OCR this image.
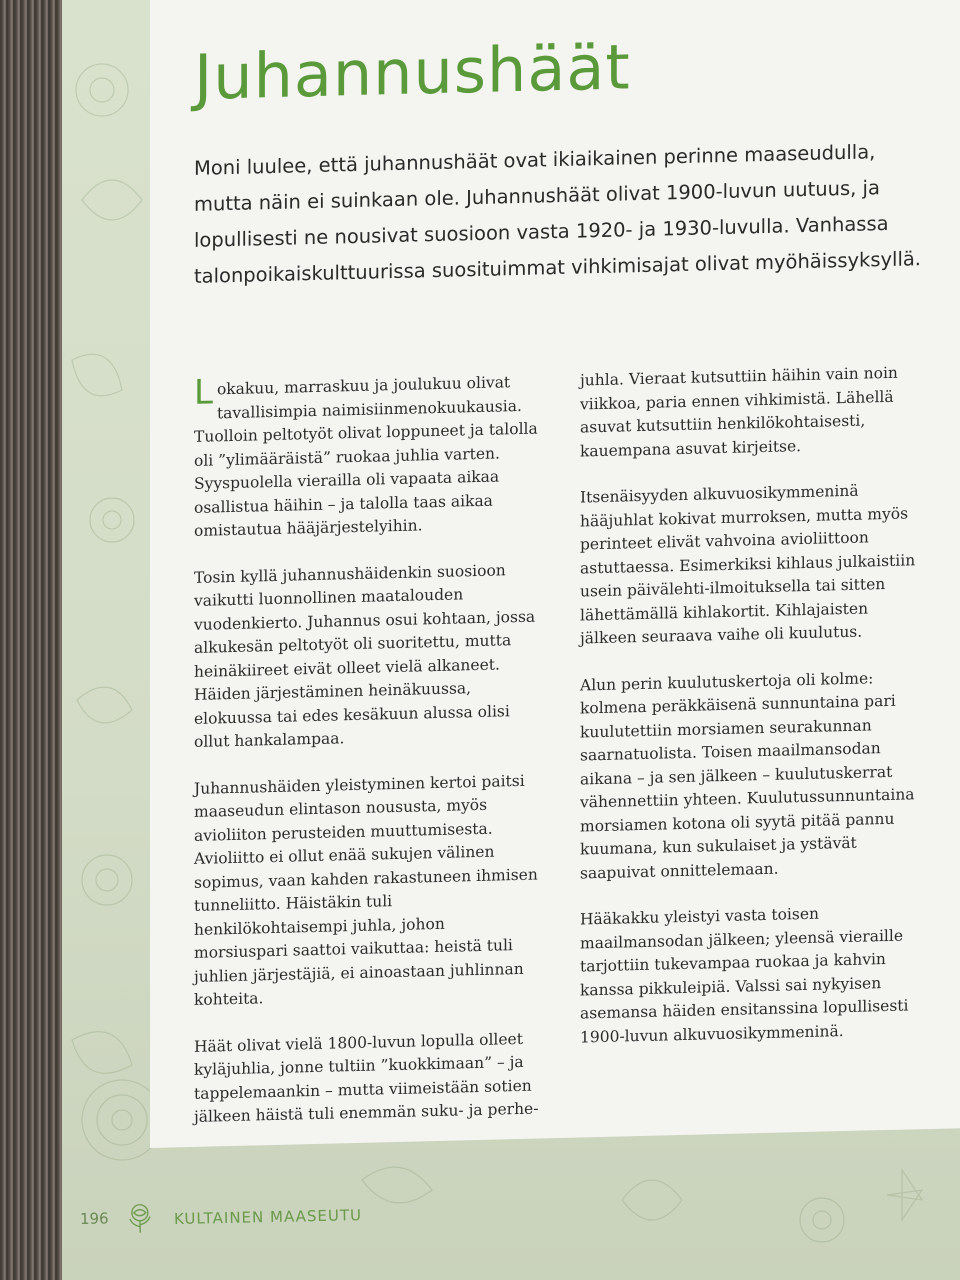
Juhannushäät

Moni luulee, että juhannushäät ovat ikiaikainen perinne maaseudulla, mutta näin ei suinkaan ole. Juhannushäät olivat 1900-luvun uutuus, ja lopullisesti ne nousivat suosioon vasta 1920- ja 1930-luvulla. Vanhassa talonpoikaiskulttuurissa suosituimmat vihkimisajat olivat myöhäissyksyllä.

Lokakuu, marraskuu ja joulukuu olivat tavallisimpia naimisiinmenokuukausia. Tuolloin peltotyöt olivat loppuneet ja talolla oli ”ylimääräistä” ruokaa juhlia varten. Syyspuolella vierailla oli vapaata aikaa osallistua häihin – ja talolla taas aikaa omistautua hääjärjestelyihin.

Tosin kyllä juhannushäidenkin suosioon vaikutti luonnollinen maatalouden vuodenkierto. Juhannus osui kohtaan, jossa alkukesän peltotyöt oli suoritettu, mutta heinäkiireet eivät olleet vielä alkaneet. Häiden järjestäminen heinäkuussa, elokuussa tai edes kesäkuun alussa olisi ollut hankalampaa.

Juhannushäiden yleistyminen kertoi paitsi maaseudun elintason noususta, myös avioliiton perusteiden muuttumisesta. Avioliitto ei ollut enää sukujen välinen sopimus, vaan kahden rakastuneen ihmisen tunneliitto. Häistäkin tuli henkilökohtaisempi juhla, johon morsiuspari saattoi vaikuttaa: heistä tuli juhlien järjestäjiä, ei ainoastaan juhlinnan kohteita.

Häät olivat vielä 1800-luvun lopulla olleet kyläjuhlia, jonne tultiin ”kuokkimaan” – ja tappelemaankin – mutta viimeistään sotien jälkeen häistä tuli enemmän suku- ja perhe-

juhla. Vieraat kutsuttiin häihin vain noin viikkoa, paria ennen vihkimistä. Lähellä asuvat kutsuttiin henkilökohtaisesti, kauempana asuvat kirjeitse.

Itsenäisyyden alkuvuosikymmeninä hääjuhlat kokivat murroksen, mutta myös perinteet elivät vahvoina avioliittoon astuttaessa. Esimerkiksi kihlaus julkaistiin usein päivälehti-ilmoituksella tai sitten lähettämällä kihlakortit. Kihlajaisten jälkeen seuraava vaihe oli kuulutus.

Alun perin kuulutuskertoja oli kolme: kolmena peräkkäisenä sunnuntaina pari kuulutettiin morsiamen seurakunnan saarnatuolista. Toisen maailmansodan aikana – ja sen jälkeen – kuulutuskerrat vähennettiin yhteen. Kuulutussunnuntaina morsiamen kotona oli syytä pitää pannu kuumana, kun sukulaiset ja ystävät saapuivat onnittelemaan.

Hääkakku yleistyi vasta toisen maailmansodan jälkeen; yleensä vieraille tarjottiin tukevampaa ruokaa ja kahvin kanssa pikkuleipiä. Valssi sai nykyisen asemansa häiden ensitanssina lopullisesti 1900-luvun alkuvuosikymmeninä.

196	KULTAINEN MAASEUTU
